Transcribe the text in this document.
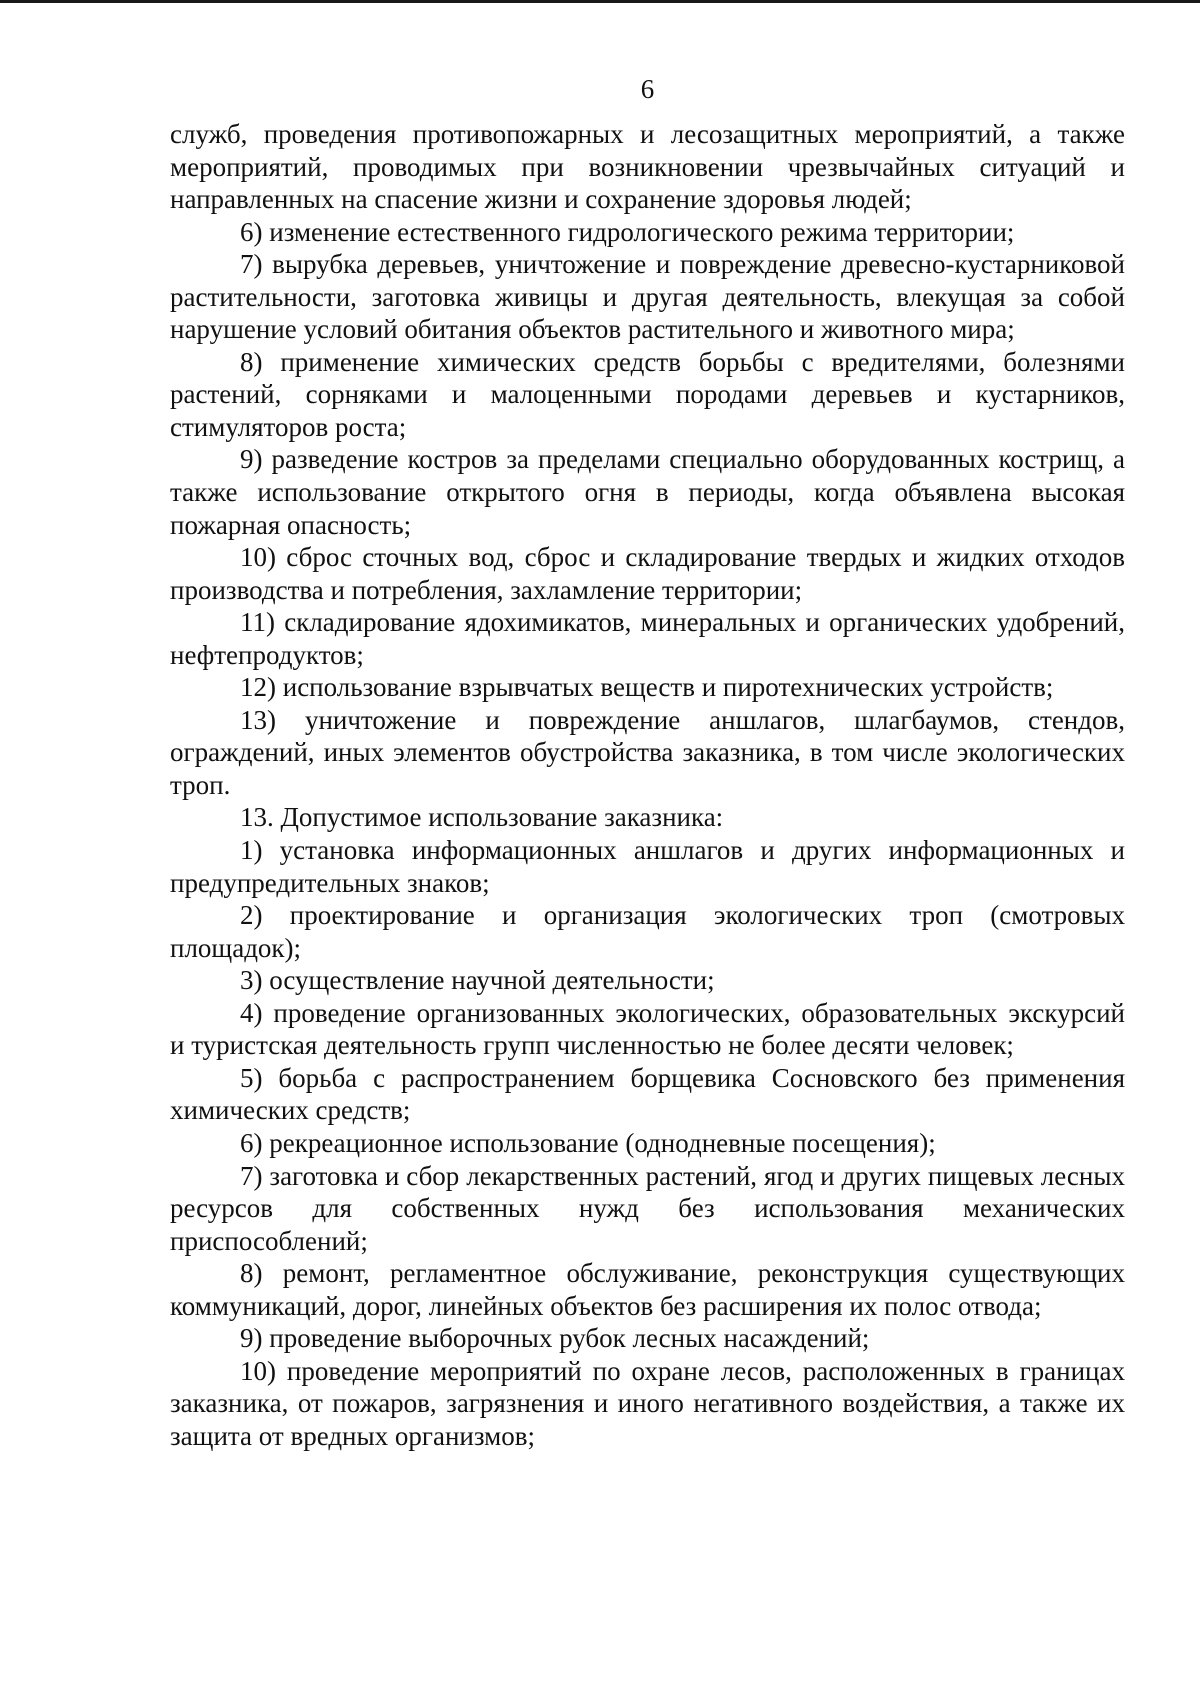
6

служб, проведения противопожарных и лесозащитных мероприятий, а также мероприятий, проводимых при возникновении чрезвычайных ситуаций и направленных на спасение жизни и сохранение здоровья людей;

6) изменение естественного гидрологического режима территории;

7) вырубка деревьев, уничтожение и повреждение древесно-кустарниковой растительности, заготовка живицы и другая деятельность, влекущая за собой нарушение условий обитания объектов растительного и животного мира;

8) применение химических средств борьбы с вредителями, болезнями растений, сорняками и малоценными породами деревьев и кустарников, стимуляторов роста;

9) разведение костров за пределами специально оборудованных кострищ, а также использование открытого огня в периоды, когда объявлена высокая пожарная опасность;

10) сброс сточных вод, сброс и складирование твердых и жидких отходов производства и потребления, захламление территории;

11) складирование ядохимикатов, минеральных и органических удобрений, нефтепродуктов;

12) использование взрывчатых веществ и пиротехнических устройств;

13) уничтожение и повреждение аншлагов, шлагбаумов, стендов, ограждений, иных элементов обустройства заказника, в том числе экологических троп.

13. Допустимое использование заказника:

1) установка информационных аншлагов и других информационных и предупредительных знаков;

2) проектирование и организация экологических троп (смотровых площадок);

3) осуществление научной деятельности;

4) проведение организованных экологических, образовательных экскурсий и туристская деятельность групп численностью не более десяти человек;

5) борьба с распространением борщевика Сосновского без применения химических средств;

6) рекреационное использование (однодневные посещения);

7) заготовка и сбор лекарственных растений, ягод и других пищевых лесных ресурсов для собственных нужд без использования механических приспособлений;

8) ремонт, регламентное обслуживание, реконструкция существующих коммуникаций, дорог, линейных объектов без расширения их полос отвода;

9) проведение выборочных рубок лесных насаждений;

10) проведение мероприятий по охране лесов, расположенных в границах заказника, от пожаров, загрязнения и иного негативного воздействия, а также их защита от вредных организмов;
